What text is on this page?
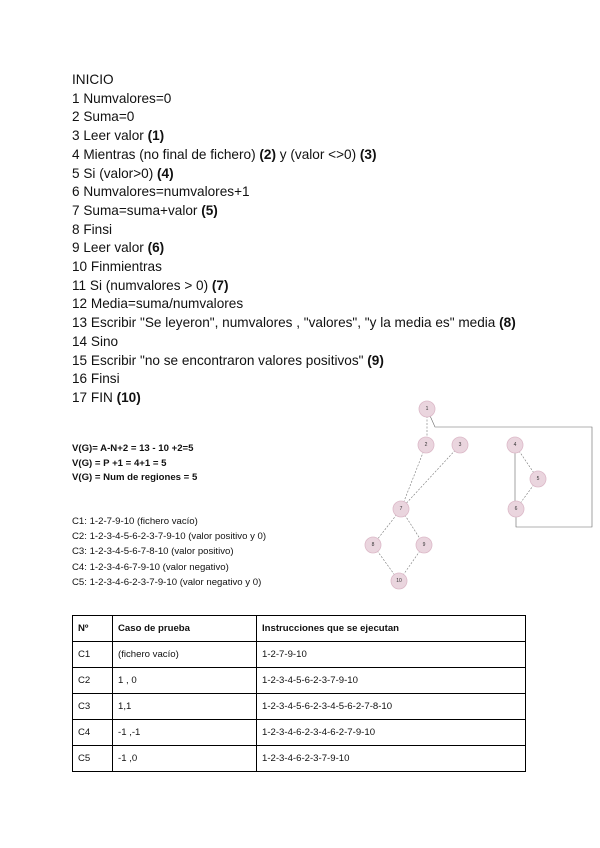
INICIO
1 Numvalores=0
2 Suma=0
3 Leer valor (1)
4 Mientras (no final de fichero) (2) y (valor <>0) (3)
5 Si (valor>0) (4)
6 Numvalores=numvalores+1
7 Suma=suma+valor (5)
8 Finsi
9 Leer valor (6)
10 Finmientras
11 Si (numvalores > 0) (7)
12 Media=suma/numvalores
13 Escribir "Se leyeron", numvalores , "valores", "y la media es" media (8)
14 Sino
15 Escribir "no se encontraron valores positivos" (9)
16 Finsi
17 FIN (10)
V(G)= A-N+2 = 13 - 10 +2=5
V(G) = P +1 = 4+1 = 5
V(G) = Num de regiones = 5
C1: 1-2-7-9-10 (fichero vacío)
C2: 1-2-3-4-5-6-2-3-7-9-10 (valor positivo y 0)
C3: 1-2-3-4-5-6-7-8-10 (valor positivo)
C4: 1-2-3-4-6-7-9-10 (valor negativo)
C5: 1-2-3-4-6-2-3-7-9-10 (valor negativo y 0)
1
2	3	4
5
6
7
8	9
10
Nº	Caso de prueba	Instrucciones que se ejecutan
C1	(fichero vacío)	1-2-7-9-10
C2	1 , 0	1-2-3-4-5-6-2-3-7-9-10
C3	1,1	1-2-3-4-5-6-2-3-4-5-6-2-7-8-10
C4	-1 ,-1	1-2-3-4-6-2-3-4-6-2-7-9-10
C5	-1 ,0	1-2-3-4-6-2-3-7-9-10
